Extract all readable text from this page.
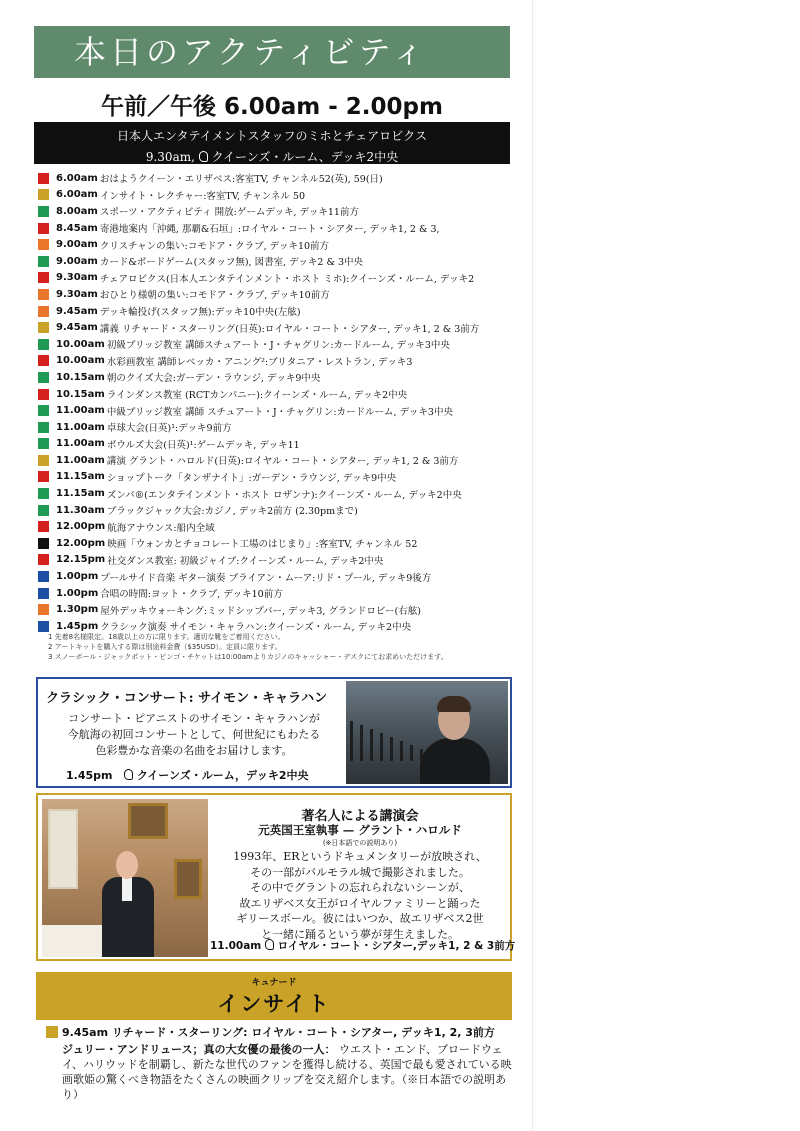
本日のアクティビティ
午前／午後 6.00am - 2.00pm
日本人エンタテイメントスタッフのミホとチェアロビクス
9.30am, クイーンズ・ルーム、デッキ2中央
6.00am おはようクイーン・エリザベス:客室TV, チャンネル52(英), 59(日)
6.00am インサイト・レクチャー:客室TV, チャンネル 50
8.00am スポーツ・アクティビティ 開放:ゲームデッキ, デッキ11前方
8.45am 寄港地案内「沖縄, 那覇&石垣」:ロイヤル・コート・シアター, デッキ1, 2 & 3,
9.00am クリスチャンの集い:コモドア・クラブ, デッキ10前方
9.00am カード&ボードゲーム(スタッフ無), 図書室, デッキ2 & 3中央
9.30am チェアロビクス(日本人エンタテインメント・ホスト ミホ):クイーンズ・ルーム, デッキ2
9.30am おひとり様朝の集い:コモドア・クラブ, デッキ10前方
9.45am デッキ輪投げ(スタッフ無):デッキ10中央(左舷)
9.45am 講義 リチャード・スターリング(日英):ロイヤル・コート・シアター, デッキ1, 2 & 3前方
10.00am 初級ブリッジ教室 講師スチュアート・J・チャグリン:カードルーム, デッキ3中央
10.00am 水彩画教室 講師レベッカ・アニング²:ブリタニア・レストラン, デッキ3
10.15am 朝のクイズ大会:ガーデン・ラウンジ, デッキ9中央
10.15am ラインダンス教室 (RCTカンパニー):クイーンズ・ルーム, デッキ2中央
11.00am 中級ブリッジ教室 講師 スチュアート・J・チャグリン:カードルーム, デッキ3中央
11.00am 卓球大会(日英)¹:デッキ9前方
11.00am ボウルズ大会(日英)¹:ゲームデッキ, デッキ11
11.00am 講演 グラント・ハロルド(日英):ロイヤル・コート・シアター, デッキ1, 2 & 3前方
11.15am ショップトーク「タンザナイト」:ガーデン・ラウンジ, デッキ9中央
11.15am ズンバ®(エンタテインメント・ホスト ロザンナ):クイーンズ・ルーム, デッキ2中央
11.30am ブラックジャック大会:カジノ, デッキ2前方 (2.30pmまで)
12.00pm 航海アナウンス:船内全域
12.00pm 映画「ウォンカとチョコレート工場のはじまり」:客室TV, チャンネル 52
12.15pm 社交ダンス教室: 初級ジャイブ:クイーンズ・ルーム, デッキ2中央
1.00pm プールサイド音楽 ギター演奏 ブライアン・ムーア:リド・プール, デッキ9後方
1.00pm 合唱の時間:ヨット・クラブ, デッキ10前方
1.30pm 屋外デッキウォーキング:ミッドシップバー, デッキ3, グランドロビー(右舷)
1.45pm クラシック演奏 サイモン・キャラハン:クイーンズ・ルーム, デッキ2中央
1 先着8名様限定。18歳以上の方に限ります。適切な靴をご着用ください。
2 アートキットを購入する際は別途料金費（$35USD）。定員に限ります。
3 スノーボール・ジャックポット・ビンゴ・チケットは10:00amよりカジノのキャッシャー・デスクにてお求めいただけます。
クラシック・コンサート: サイモン・キャラハン
コンサート・ピアニストのサイモン・キャラハンが
今航海の初回コンサートとして、何世紀にもわたる
色彩豊かな音楽の名曲をお届けします。
1.45pm クイーンズ・ルーム，デッキ2中央
著名人による講演会
元英国王室執事 — グラント・ハロルド
(※日本語での説明あり)
1993年、ERというドキュメンタリーが放映され、
その一部がバルモラル城で撮影されました。
その中でグラントの忘れられないシーンが、
故エリザベス女王がロイヤルファミリーと踊った
ギリースボール。彼にはいつか、故エリザベス2世
と一緒に踊るという夢が芽生えました。
11.00am ロイヤル・コート・シアター,デッキ1, 2 & 3前方
キュナード
インサイト
9.45am
リチャード・スターリング: ロイヤル・コート・シアター, デッキ1, 2, 3前方
ジュリー・アンドリュース；真の大女優の最後の一人： ウエスト・エンド、ブロードウェイ、ハリウッドを制覇し、新たな世代のファンを獲得し続ける、英国で最も愛されている映画歌姫の驚くべき物語をたくさんの映画クリップを交え紹介します。（※日本語での説明あり）
